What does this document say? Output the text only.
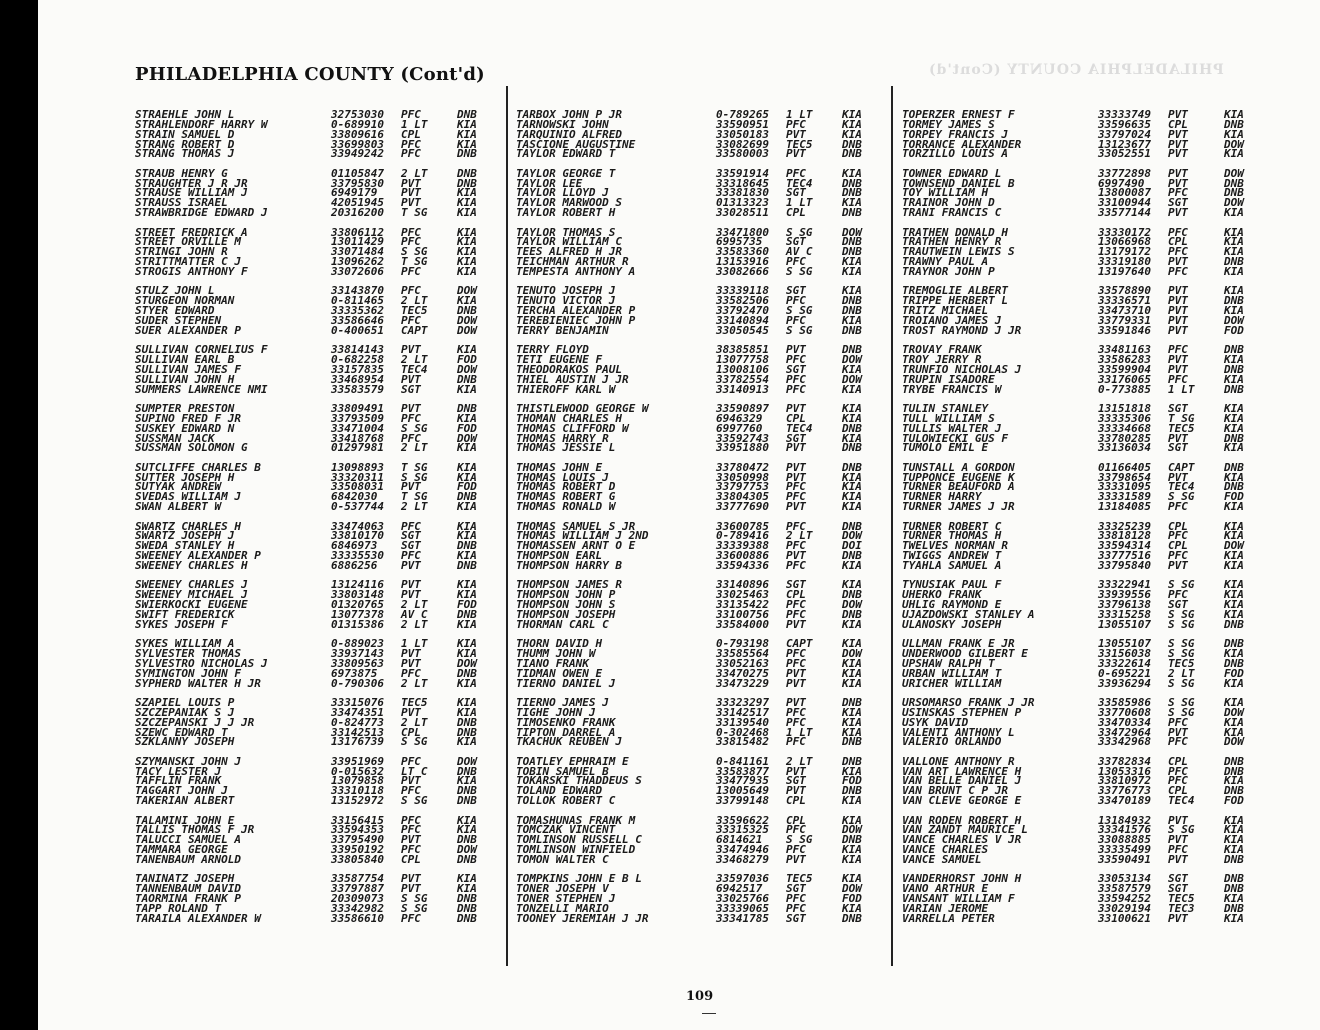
PHILADELPHIA COUNTY (Cont'd)
PHILADELPHIA COUNTY (Cont'd)
STRAEHLE JOHN L	32753030	PFC	DNB
STRAHLENDORF HARRY W	0-689910	1 LT	KIA
STRAIN SAMUEL D	33809616	CPL	KIA
STRANG ROBERT D	33699803	PFC	KIA
STRANG THOMAS J	33949242	PFC	DNB
STRAUB HENRY G	01105847	2 LT	DNB
STRAUGHTER J R JR	33795830	PVT	DNB
STRAUSE WILLIAM J	6949179	PVT	KIA
STRAUSS ISRAEL	42051945	PVT	KIA
STRAWBRIDGE EDWARD J	20316200	T SG	KIA
STREET FREDRICK A	33806112	PFC	KIA
STREET ORVILLE M	13011429	PFC	KIA
STRINGI JOHN R	33071484	S SG	KIA
STRITTMATTER C J	13096262	T SG	KIA
STROGIS ANTHONY F	33072606	PFC	KIA
STULZ JOHN L	33143870	PFC	DOW
STURGEON NORMAN	0-811465	2 LT	KIA
STYER EDWARD	33335362	TEC5	DNB
SUDER STEPHEN	33586646	PFC	DOW
SUER ALEXANDER P	0-400651	CAPT	DOW
SULLIVAN CORNELIUS F	33814143	PVT	KIA
SULLIVAN EARL B	0-682258	2 LT	FOD
SULLIVAN JAMES F	33157835	TEC4	DOW
SULLIVAN JOHN H	33468954	PVT	DNB
SUMMERS LAWRENCE NMI	33583579	SGT	KIA
SUMPTER PRESTON	33809491	PVT	DNB
SUPINO FRED F JR	33793509	PFC	KIA
SUSKEY EDWARD N	33471004	S SG	FOD
SUSSMAN JACK	33418768	PFC	DOW
SUSSMAN SOLOMON G	01297981	2 LT	KIA
SUTCLIFFE CHARLES B	13098893	T SG	KIA
SUTTER JOSEPH H	33320311	S SG	KIA
SUTYAK ANDREW	33508031	PVT	FOD
SVEDAS WILLIAM J	6842030	T SG	DNB
SWAN ALBERT W	0-537744	2 LT	KIA
SWARTZ CHARLES H	33474063	PFC	KIA
SWARTZ JOSEPH J	33810170	SGT	KIA
SWEDA STANLEY H	6846973	SGT	DNB
SWEENEY ALEXANDER P	33335530	PFC	KIA
SWEENEY CHARLES H	6886256	PVT	DNB
SWEENEY CHARLES J	13124116	PVT	KIA
SWEENEY MICHAEL J	33803148	PVT	KIA
SWIERKOCKI EUGENE	01320765	2 LT	FOD
SWIFT FREDERICK	13077378	AV C	DNB
SYKES JOSEPH F	01315386	2 LT	KIA
SYKES WILLIAM A	0-889023	1 LT	KIA
SYLVESTER THOMAS	33937143	PVT	KIA
SYLVESTRO NICHOLAS J	33809563	PVT	DOW
SYMINGTON JOHN F	6973875	PFC	DNB
SYPHERD WALTER H JR	0-790306	2 LT	KIA
SZAPIEL LOUIS P	33315076	TEC5	KIA
SZCZEPANIAK S J	33474351	PVT	KIA
SZCZEPANSKI J J JR	0-824773	2 LT	DNB
SZEWC EDWARD T	33142513	CPL	DNB
SZKLANNY JOSEPH	13176739	S SG	KIA
SZYMANSKI JOHN J	33951969	PFC	DOW
TACY LESTER J	0-015632	LT C	DNB
TAFFLIN FRANK	13079858	PVT	KIA
TAGGART JOHN J	33310118	PFC	DNB
TAKERIAN ALBERT	13152972	S SG	DNB
TALAMINI JOHN E	33156415	PFC	KIA
TALLIS THOMAS F JR	33594353	PFC	KIA
TALUCCI SAMUEL A	33795490	PVT	DNB
TAMMARA GEORGE	33950192	PFC	DOW
TANENBAUM ARNOLD	33805840	CPL	DNB
TANINATZ JOSEPH	33587754	PVT	KIA
TANNENBAUM DAVID	33797887	PVT	KIA
TAORMINA FRANK P	20309073	S SG	DNB
TAPP ROLAND T	33342982	S SG	DNB
TARAILA ALEXANDER W	33586610	PFC	DNB
TARBOX JOHN P JR	0-789265	1 LT	KIA
TARNOWSKI JOHN	33590951	PFC	KIA
TARQUINIO ALFRED	33050183	PVT	KIA
TASCIONE AUGUSTINE	33082699	TEC5	DNB
TAYLOR EDWARD T	33580003	PVT	DNB
TAYLOR GEORGE T	33591914	PFC	KIA
TAYLOR LEE	33318645	TEC4	DNB
TAYLOR LLOYD J	33381830	SGT	DNB
TAYLOR MARWOOD S	01313323	1 LT	KIA
TAYLOR ROBERT H	33028511	CPL	DNB
TAYLOR THOMAS S	33471800	S SG	DOW
TAYLOR WILLIAM C	6995735	SGT	DNB
TEES ALFRED H JR	33583360	AV C	DNB
TEICHMAN ARTHUR R	13153916	PFC	KIA
TEMPESTA ANTHONY A	33082666	S SG	KIA
TENUTO JOSEPH J	33339118	SGT	KIA
TENUTO VICTOR J	33582506	PFC	DNB
TERCHA ALEXANDER P	33792470	S SG	DNB
TEREBIENIEC JOHN P	33140894	PFC	KIA
TERRY BENJAMIN	33050545	S SG	DNB
TERRY FLOYD	38385851	PVT	DNB
TETI EUGENE F	13077758	PFC	DOW
THEODORAKOS PAUL	13008106	SGT	KIA
THIEL AUSTIN J JR	33782554	PFC	DOW
THIEROFF KARL W	33140913	PFC	KIA
THISTLEWOOD GEORGE W	33590897	PVT	KIA
THOMAN CHARLES H	6946329	CPL	KIA
THOMAS CLIFFORD W	6997760	TEC4	DNB
THOMAS HARRY R	33592743	SGT	KIA
THOMAS JESSIE L	33951880	PVT	DNB
THOMAS JOHN E	33780472	PVT	DNB
THOMAS LOUIS J	33050998	PVT	KIA
THOMAS ROBERT D	33797753	PFC	KIA
THOMAS ROBERT G	33804305	PFC	KIA
THOMAS RONALD W	33777690	PVT	KIA
THOMAS SAMUEL S JR	33600785	PFC	DNB
THOMAS WILLIAM J 2ND	0-789416	2 LT	DOW
THOMASSEN ARNT O E	33339388	PFC	DOI
THOMPSON EARL	33600886	PVT	DNB
THOMPSON HARRY B	33594336	PFC	KIA
THOMPSON JAMES R	33140896	SGT	KIA
THOMPSON JOHN P	33025463	CPL	DNB
THOMPSON JOHN S	33135422	PFC	DOW
THOMPSON JOSEPH	33100756	PFC	DNB
THORMAN CARL C	33584000	PVT	KIA
THORN DAVID H	0-793198	CAPT	KIA
THUMM JOHN W	33585564	PFC	DOW
TIANO FRANK	33052163	PFC	KIA
TIDMAN OWEN E	33470275	PVT	KIA
TIERNO DANIEL J	33473229	PVT	KIA
TIERNO JAMES J	33323297	PVT	DNB
TIGHE JOHN J	33142517	PFC	KIA
TIMOSENKO FRANK	33139540	PFC	KIA
TIPTON DARREL A	0-302468	1 LT	KIA
TKACHUK REUBEN J	33815482	PFC	DNB
TOATLEY EPHRAIM E	0-841161	2 LT	DNB
TOBIN SAMUEL B	33583877	PVT	KIA
TOKARSKI THADDEUS S	33477935	SGT	FOD
TOLAND EDWARD	13005649	PVT	DNB
TOLLOK ROBERT C	33799148	CPL	KIA
TOMASHUNAS FRANK M	33596622	CPL	KIA
TOMCZAK VINCENT	33315325	PFC	DOW
TOMLINSON RUSSELL C	6814621	S SG	DNB
TOMLINSON WINFIELD	33474946	PFC	KIA
TOMON WALTER C	33468279	PVT	KIA
TOMPKINS JOHN E B L	33597036	TEC5	KIA
TONER JOSEPH V	6942517	SGT	DOW
TONER STEPHEN J	33025766	PFC	FOD
TONZELLI MARIO	33339065	PFC	KIA
TOONEY JEREMIAH J JR	33341785	SGT	DNB
TOPERZER ERNEST F	33333749	PVT	KIA
TORMEY JAMES S	33596635	CPL	DNB
TORPEY FRANCIS J	33797024	PVT	KIA
TORRANCE ALEXANDER	13123677	PVT	DOW
TORZILLO LOUIS A	33052551	PVT	KIA
TOWNER EDWARD L	33772898	PVT	DOW
TOWNSEND DANIEL B	6997490	PVT	DNB
TOY WILLIAM H	13800087	PFC	DNB
TRAINOR JOHN D	33100944	SGT	DOW
TRANI FRANCIS C	33577144	PVT	KIA
TRATHEN DONALD H	33330172	PFC	KIA
TRATHEN HENRY R	13066968	CPL	KIA
TRAUTWEIN LEWIS S	13179172	PFC	KIA
TRAWNY PAUL A	33319180	PVT	DNB
TRAYNOR JOHN P	13197640	PFC	KIA
TREMOGLIE ALBERT	33578890	PVT	KIA
TRIPPE HERBERT L	33336571	PVT	DNB
TRITZ MICHAEL	33473710	PVT	KIA
TROIANO JAMES J	33779331	PVT	DOW
TROST RAYMOND J JR	33591846	PVT	FOD
TROVAY FRANK	33481163	PFC	DNB
TROY JERRY R	33586283	PVT	KIA
TRUNFIO NICHOLAS J	33599904	PVT	DNB
TRUPIN ISADORE	33176065	PFC	KIA
TRYBE FRANCIS W	0-773885	1 LT	DNB
TULIN STANLEY	13151818	SGT	KIA
TULL WILLIAM S	33335306	T SG	KIA
TULLIS WALTER J	33334668	TEC5	KIA
TULOWIECKI GUS F	33780285	PVT	DNB
TUMOLO EMIL E	33136034	SGT	KIA
TUNSTALL A GORDON	01166405	CAPT	DNB
TUPPONCE EUGENE K	33798654	PVT	KIA
TURNER BEAUFORD A	33331095	TEC4	DNB
TURNER HARRY	33331589	S SG	FOD
TURNER JAMES J JR	13184085	PFC	KIA
TURNER ROBERT C	33325239	CPL	KIA
TURNER THOMAS H	33818128	PFC	KIA
TWELVES NORMAN R	33594314	CPL	DOW
TWIGGS ANDREW T	33777516	PFC	KIA
TYAHLA SAMUEL A	33795840	PVT	KIA
TYNUSIAK PAUL F	33322941	S SG	KIA
UHERKO FRANK	33939556	PFC	KIA
UHLIG RAYMOND E	33796138	SGT	KIA
UJAZDOWSKI STANLEY A	33315258	S SG	KIA
ULANOSKY JOSEPH	13055107	S SG	DNB
ULLMAN FRANK E JR	13055107	S SG	DNB
UNDERWOOD GILBERT E	33156038	S SG	KIA
UPSHAW RALPH T	33322614	TEC5	DNB
URBAN WILLIAM T	0-695221	2 LT	FOD
URICHER WILLIAM	33936294	S SG	KIA
URSOMARSO FRANK J JR	33585986	S SG	KIA
USINSKAS STEPHEN P	33770608	S SG	DOW
USYK DAVID	33470334	PFC	KIA
VALENTI ANTHONY L	33472964	PVT	KIA
VALERIO ORLANDO	33342968	PFC	DOW
VALLONE ANTHONY R	33782834	CPL	DNB
VAN ART LAWRENCE H	13053316	PFC	DNB
VAN BELLE DANIEL J	33810972	PFC	KIA
VAN BRUNT C P JR	33776773	CPL	DNB
VAN CLEVE GEORGE E	33470189	TEC4	FOD
VAN RODEN ROBERT H	13184932	PVT	KIA
VAN ZANDT MAURICE L	33341576	S SG	KIA
VANCE CHARLES V JR	33088885	PVT	KIA
VANCE CHARLES	33335499	PFC	KIA
VANCE SAMUEL	33590491	PVT	DNB
VANDERHORST JOHN H	33053134	SGT	DNB
VANO ARTHUR E	33587579	SGT	DNB
VANSANT WILLIAM F	33594252	TEC5	KIA
VARIAN JEROME	33029194	TEC3	DNB
VARRELLA PETER	33100621	PVT	KIA
109
